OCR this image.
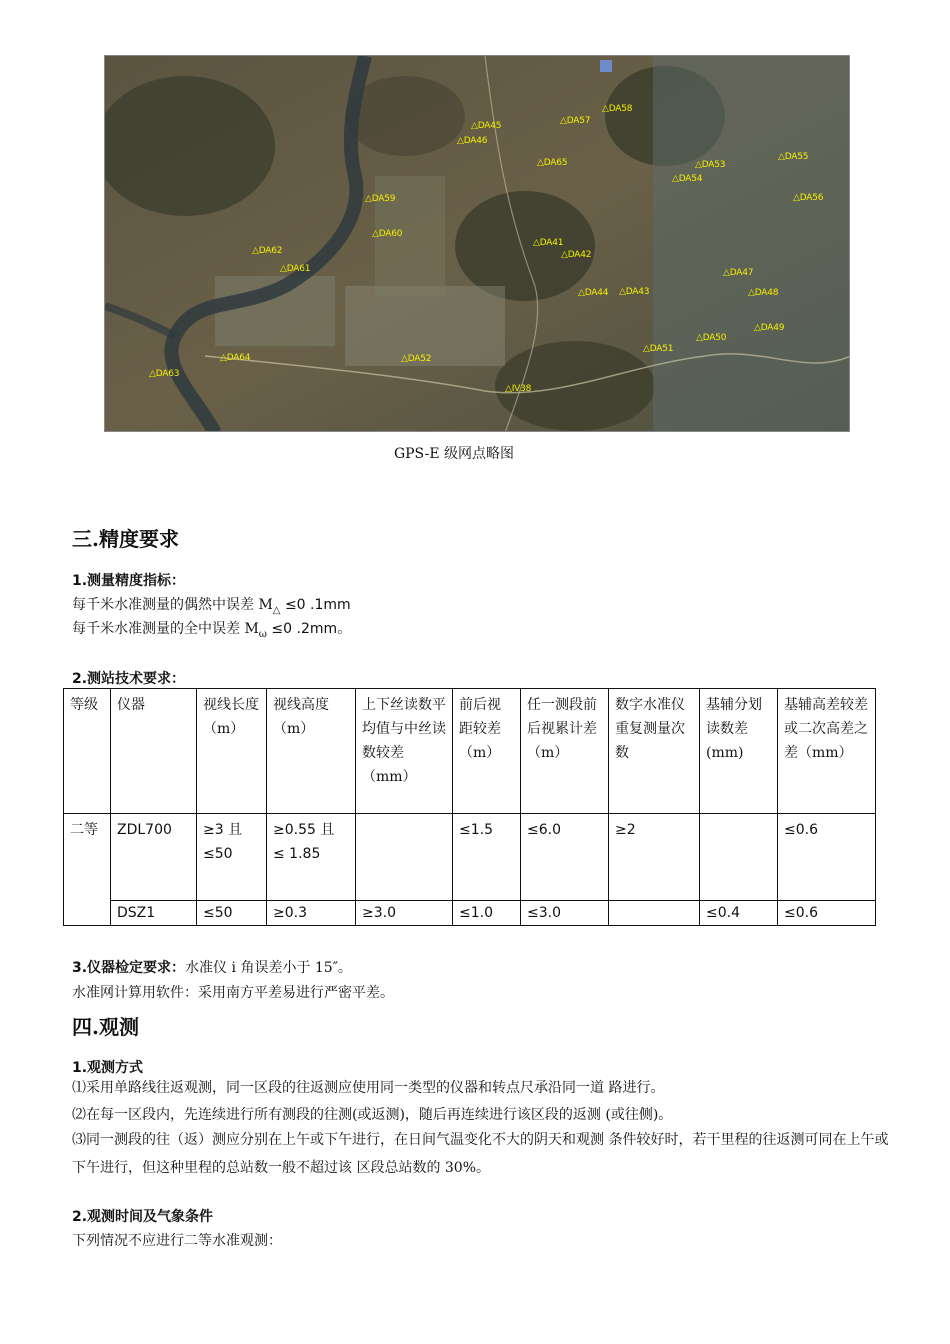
△DA57
△DA58
△DA45
△DA46
△DA65
△DA55
△DA53
△DA54
△DA56
△DA59
△DA60
△DA41
△DA42
△DA62
△DA61	△DA47
△DA48
△DA44 △DA43
△DA49
△DA50
△DA51
△DA52
△DA64
△DA63
△IV38
GPS-E 级网点略图
三.精度要求
1.测量精度指标：
每千米水准测量的偶然中误差 $M_\triangle \le 0$ .1mm
每千米水准测量的全中误差 $M_\omega \le 0$ .2mm。
2.测站技术要求：
等级	仪器	视线长度（m）	视线高度（m）	上下丝读数平均值与中丝读数较差（mm）	前后视距较差（m）	任一测段前后视累计差（m）	数字水准仪重复测量次数	基辅分划读数差(mm)	基辅高差较差或二次高差之差（mm）
二等	ZDL700	≥3 且 ≤50	≥0.55 且 ≤ 1.85		≤1.5	≤6.0	≥2		≤0.6
	DSZ1	≤50	≥0.3	≥3.0	≤1.0	≤3.0		≤0.4	≤0.6
3.仪器检定要求：水准仪 i 角误差小于 15″。
水准网计算用软件：采用南方平差易进行严密平差。
四.观测
1.观测方式
⑴采用单路线往返观测，同一区段的往返测应使用同一类型的仪器和转点尺承沿同一道 路进行。
⑵在每一区段内，先连续进行所有测段的往测(或返测)，随后再连续进行该区段的返测 (或往侧)。
⑶同一测段的往（返）测应分别在上午或下午进行，在日间气温变化不大的阴天和观测 条件较好时，若干里程的往返测可同在上午或下午进行，但这种里程的总站数一般不超过该 区段总站数的 30%。
2.观测时间及气象条件
下列情况不应进行二等水准观测：
